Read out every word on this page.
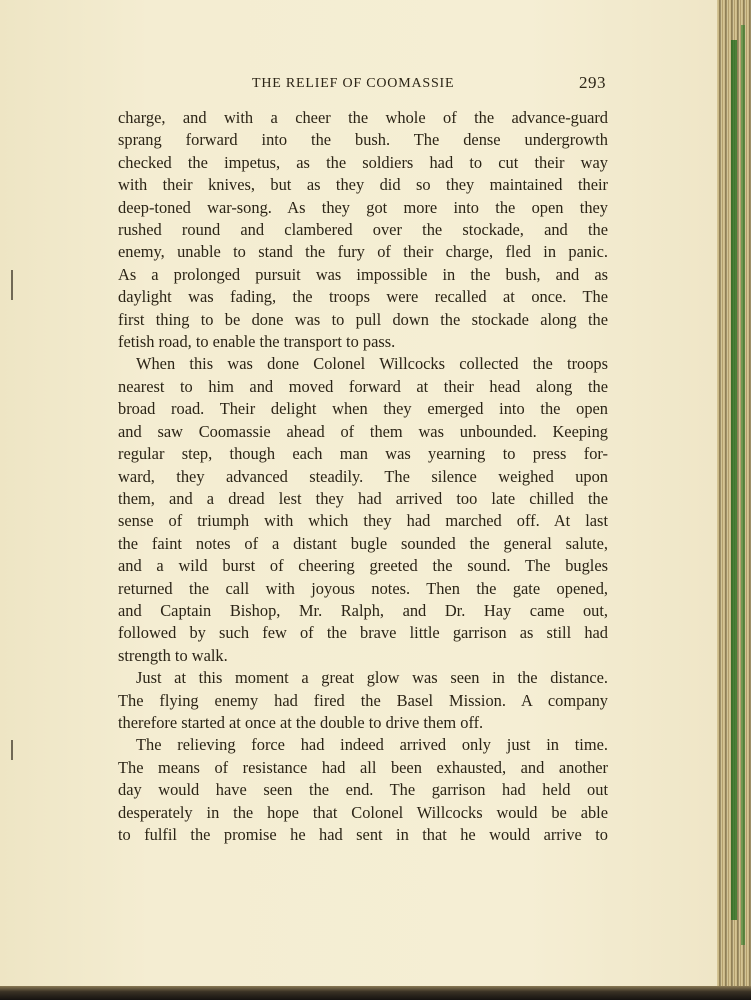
THE RELIEF OF COOMASSIE	293

charge, and with a cheer the whole of the advance-guard
sprang forward into the bush. The dense undergrowth
checked the impetus, as the soldiers had to cut their way
with their knives, but as they did so they maintained their
deep-toned war-song. As they got more into the open they
rushed round and clambered over the stockade, and the
enemy, unable to stand the fury of their charge, fled in panic.
As a prolonged pursuit was impossible in the bush, and as
daylight was fading, the troops were recalled at once. The
first thing to be done was to pull down the stockade along the
fetish road, to enable the transport to pass.

When this was done Colonel Willcocks collected the troops
nearest to him and moved forward at their head along the
broad road. Their delight when they emerged into the open
and saw Coomassie ahead of them was unbounded. Keeping
regular step, though each man was yearning to press for-
ward, they advanced steadily. The silence weighed upon
them, and a dread lest they had arrived too late chilled the
sense of triumph with which they had marched off. At last
the faint notes of a distant bugle sounded the general salute,
and a wild burst of cheering greeted the sound. The bugles
returned the call with joyous notes. Then the gate opened,
and Captain Bishop, Mr. Ralph, and Dr. Hay came out,
followed by such few of the brave little garrison as still had
strength to walk.

Just at this moment a great glow was seen in the distance.
The flying enemy had fired the Basel Mission. A company
therefore started at once at the double to drive them off.

The relieving force had indeed arrived only just in time.
The means of resistance had all been exhausted, and another
day would have seen the end. The garrison had held out
desperately in the hope that Colonel Willcocks would be able
to fulfil the promise he had sent in that he would arrive to
